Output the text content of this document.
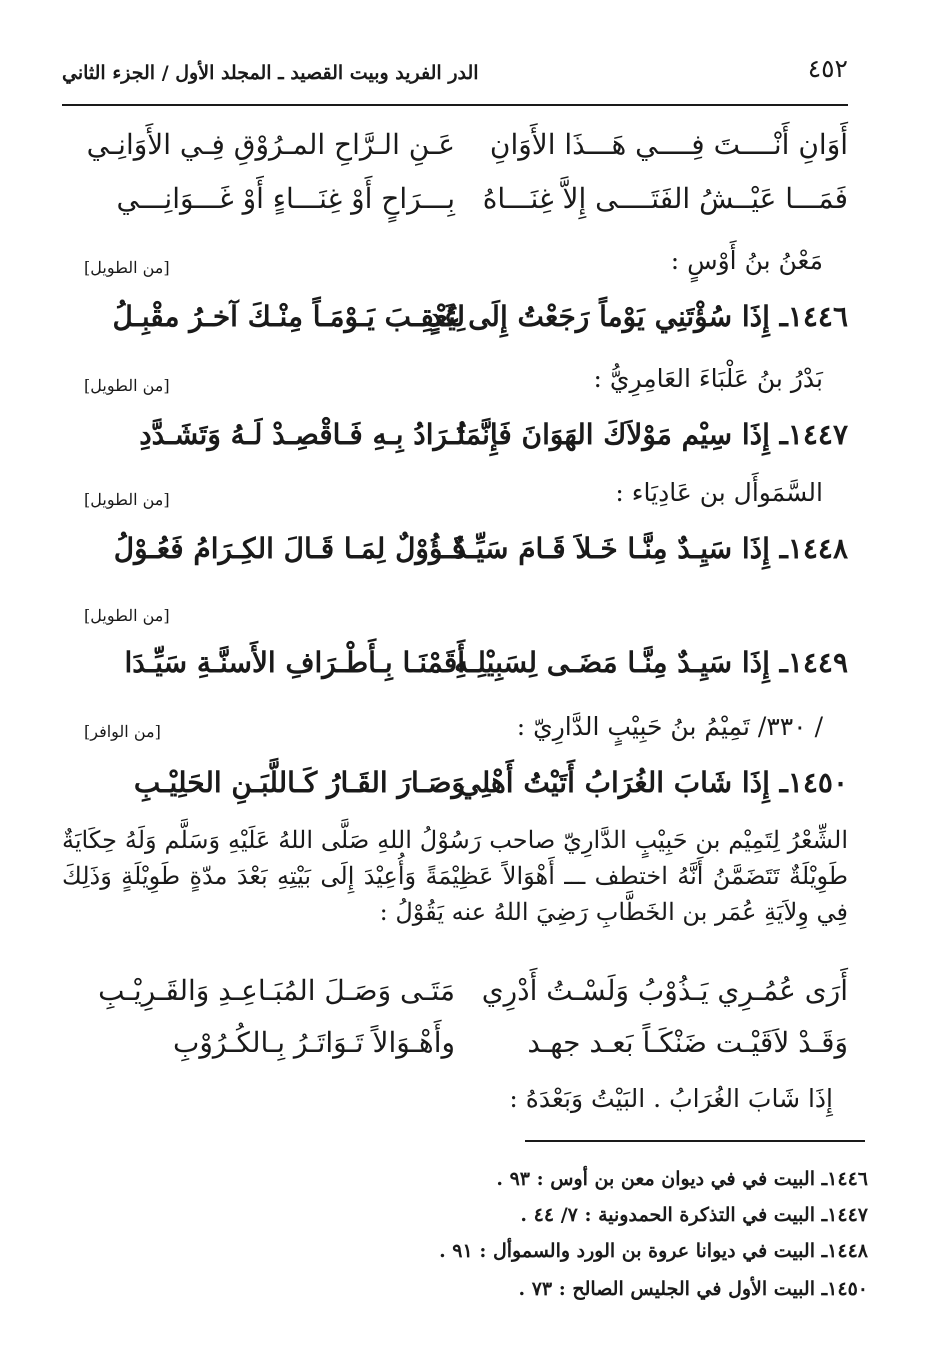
٤٥٢
الدر الفريد وبيت القصيد ـ المجلد الأول / الجزء الثاني
أَوَانِ أَنْــــتَ فِــــي هَـــذَا الأَوَانِ
عَـنِ الـرَّاحِ المـرُوْقِ فِـي الأَوَانِـي
فَمَـــا عَيْــشُ الفَتَــــى إِلاَّ غِنَـــاهُ
بِـــرَاحٍ أَوْ غِنَـــاءٍ أَوْ غَـــوَانِـــي
مَعْنُ بنُ أَوْسٍ :
[من الطويل]
١٤٤٦ـ إِذَا سُؤْتَنِي يَوْماً رَجَعْتُ إِلَى غَدٍ
لِيُعْقِـبَ يَـوْمَـاً مِنْـكَ آخـرُ مقْبِـلُ
بَدْرُ بنُ عَلْبَاءَ العَامِرِيُّ :
[من الطويل]
١٤٤٧ـ إِذَا سِيْم مَوْلاَكَ الهَوَانَ فَإِنَّمَا
تُـرَادُ بِـهِ فَـاقْصِـدْ لَـهُ وَتَشَـدَّدِ
السَّمَوأَل بن عَادِيَاء :
[من الطويل]
١٤٤٨ـ إِذَا سَيِـدٌ مِنَّـا خَـلاَ قَـامَ سَيِّـدٌ
قَـؤُوْلٌ لِمَـا قَـالَ الكِـرَامُ فَعُـوْلُ
[من الطويل]
١٤٤٩ـ إِذَا سَيِـدٌ مِنَّـا مَضَـى لِسَبِيْلِـهِ
أَقَمْنَـا بِـأَطْـرَافِ الأَسنَّـةِ سَيِّـدَا
/ ٣٣٠/ تَمِيْمُ بنُ حَبِيْبٍ الدَّارِيّ :
[من الوافر]
١٤٥٠ـ إِذَا شَابَ الغُرَابُ أَتَيْتُ أَهْلِي
وَصَـارَ القَـارُ كَـاللَّبَـنِ الحَلِيْـبِ
الشِّعْرُ لِتَمِيْم بن حَبِيْبٍ الدَّارِيّ صاحب رَسُوْلُ اللهِ صَلَّى اللهُ عَلَيْهِ وَسَلَّم وَلَهُ حِكَايَةٌ طَوِيْلَةٌ تَتَضَمَّنُ أَنَّهُ اختطف ـــ أَهْوَالاً عَظِيْمَةً وَأُعِيْدَ إِلَى بَيْتِهِ بَعْدَ مدّةٍ طَوِيْلَةٍ وَذَلِكَ فِي وِلاَيَةِ عُمَر بن الخَطَّابِ رَضِيَ اللهُ عنه يَقُوْلُ :
أَرَى عُمُـرِي يَـذُوْبُ وَلَسْـتُ أَدْرِي
مَتَـى وَصَـلَ المُبَـاعِـدِ وَالقَـرِيْـبِ
وَقَـدْ لاَقَيْـت ضَنْكَـاً بَعـد جهـد
وأَهْـوَالاً تَـوَاتَـرُ بِـالكُـرُوْبِ
إِذَا شَابَ الغُرَابُ . البَيْتُ وَبَعْدَهُ :
١٤٤٦ـ البيت في في ديوان معن بن أوس : ٩٣ .
١٤٤٧ـ البيت في التذكرة الحمدونية : ٧/ ٤٤ .
١٤٤٨ـ البيت في ديوانا عروة بن الورد والسموأل : ٩١ .
١٤٥٠ـ البيت الأول في الجليس الصالح : ٧٣ .
